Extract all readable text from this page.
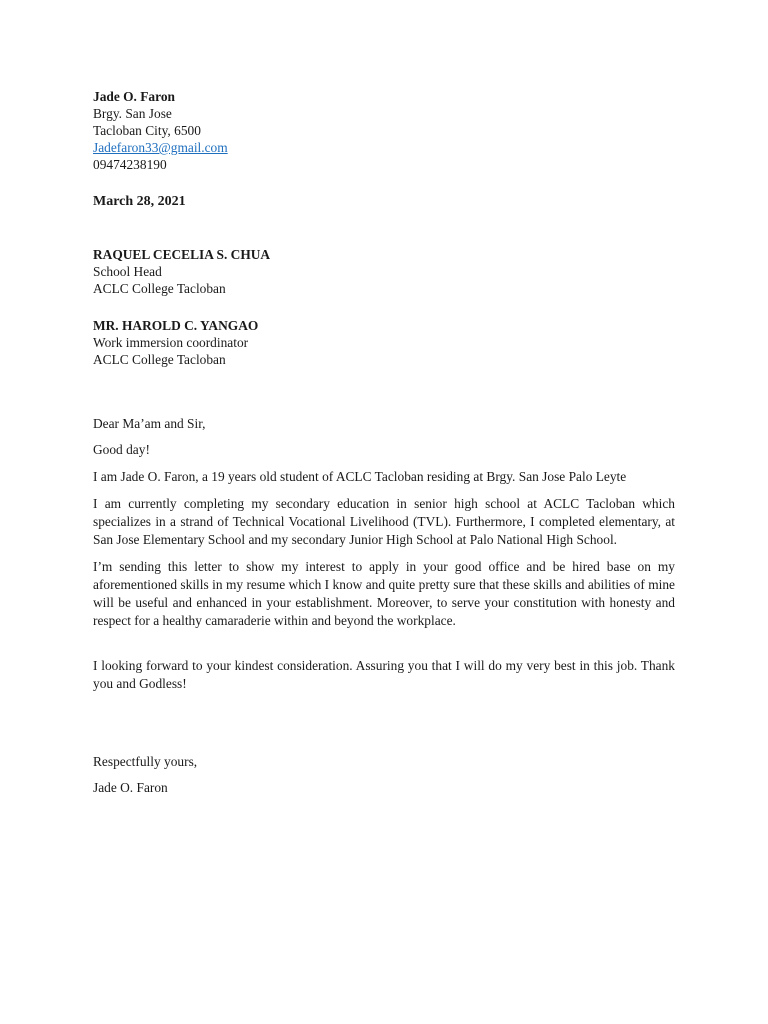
Jade O. Faron
Brgy. San Jose
Tacloban City, 6500
Jadefaron33@gmail.com
09474238190
March 28, 2021
RAQUEL CECELIA S. CHUA
School Head
ACLC College Tacloban
MR. HAROLD C. YANGAO
Work immersion coordinator
ACLC College Tacloban
Dear Ma’am and Sir,

Good day!

I am Jade O. Faron, a 19 years old student of ACLC Tacloban residing at Brgy. San Jose Palo Leyte

I am currently completing my secondary education in senior high school at ACLC Tacloban which specializes in a strand of Technical Vocational Livelihood (TVL). Furthermore, I completed elementary, at San Jose Elementary School and my secondary Junior High School at Palo National High School.

I’m sending this letter to show my interest to apply in your good office and be hired base on my aforementioned skills in my resume which I know and quite pretty sure that these skills and abilities of mine will be useful and enhanced in your establishment. Moreover, to serve your constitution with honesty and respect for a healthy camaraderie within and beyond the workplace.

I looking forward to your kindest consideration. Assuring you that I will do my very best in this job. Thank you and Godless!

Respectfully yours,
Jade O. Faron
